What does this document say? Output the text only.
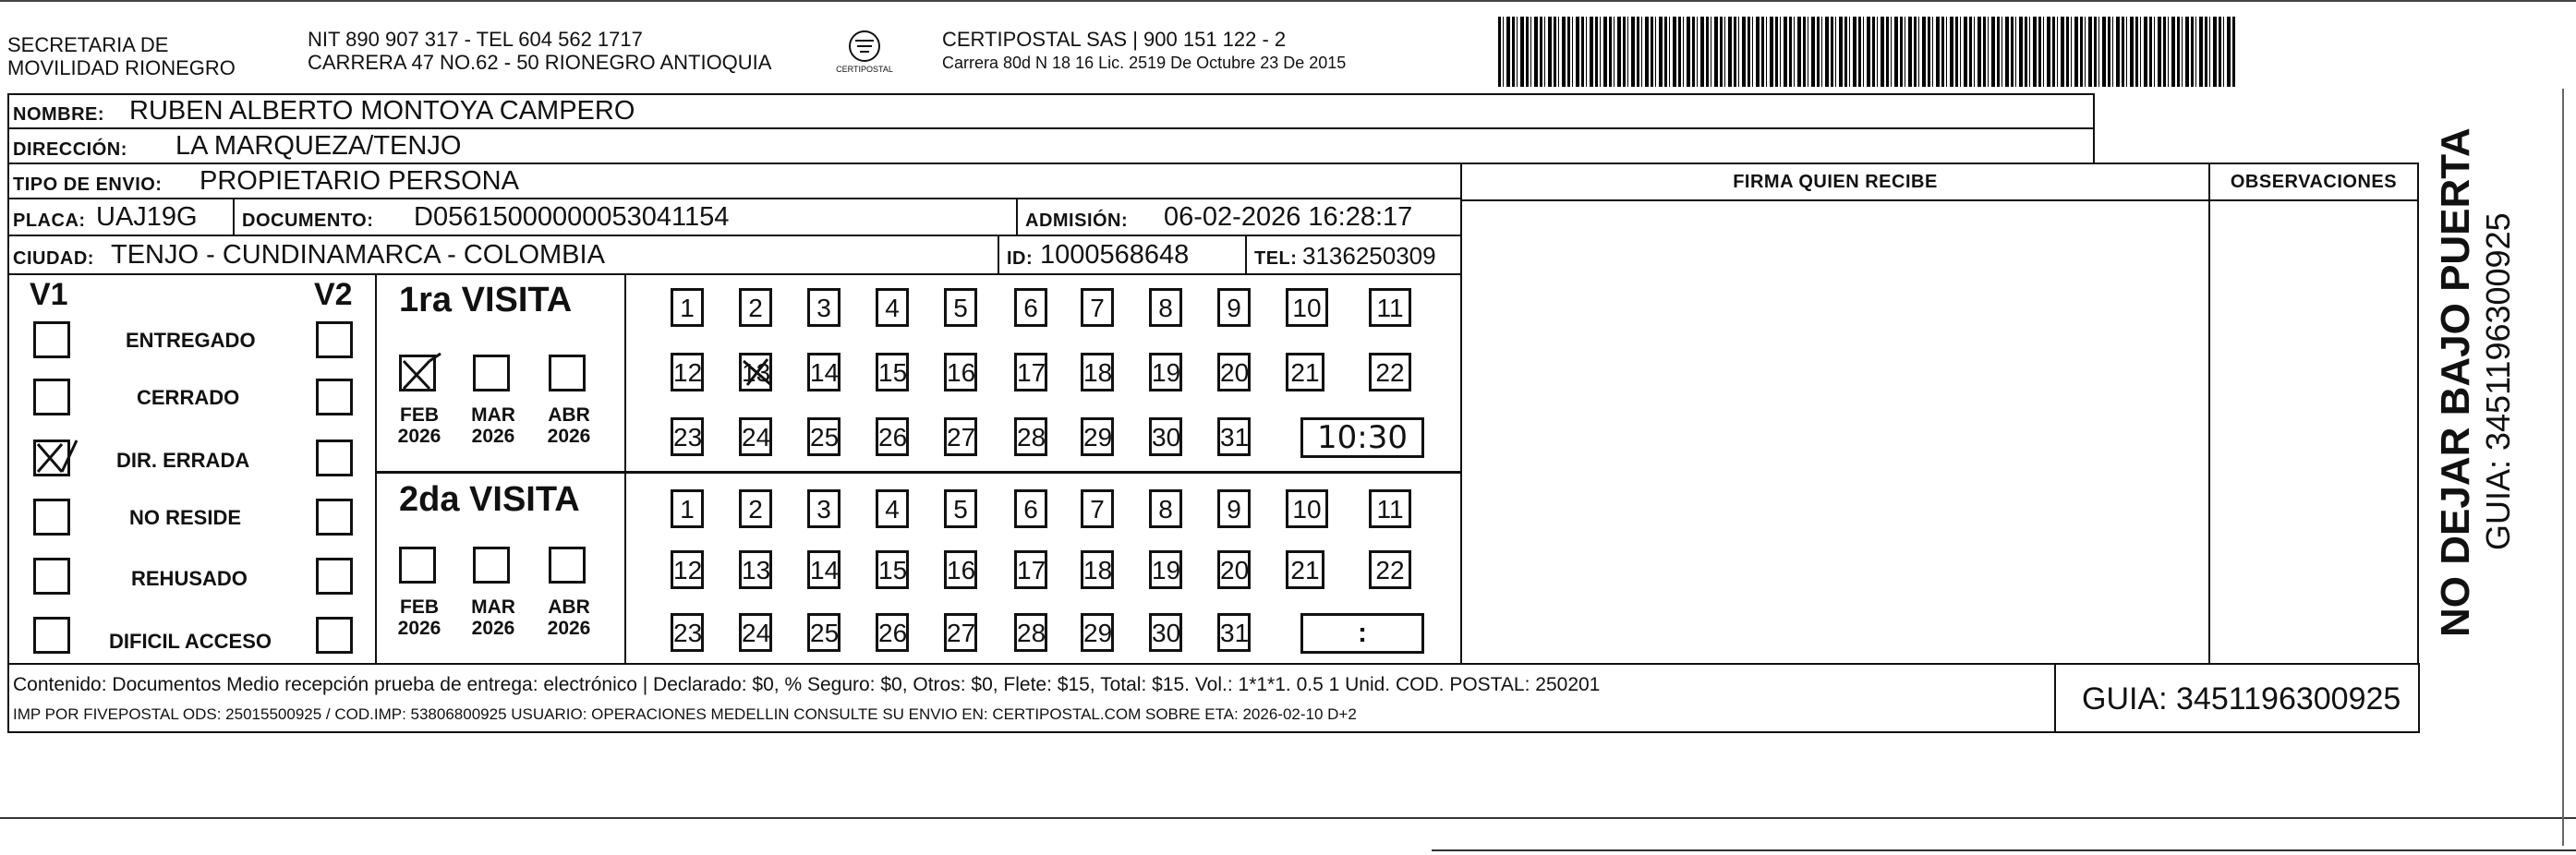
SECRETARIA DE
MOVILIDAD RIONEGRO
NIT 890 907 317 - TEL 604 562 1717
CARRERA 47 NO.62 - 50 RIONEGRO ANTIOQUIA	CERTIPOSTAL
CERTIPOSTAL SAS | 900 151 122 - 2
Carrera 80d N 18 16 Lic. 2519 De Octubre 23 De 2015
NOMBRE: RUBEN ALBERTO MONTOYA CAMPERO
DIRECCIÓN: LA MARQUEZA/TENJO
TIPO DE ENVIO: PROPIETARIO PERSONA
PLACA: UAJ19G DOCUMENTO: D05615000000053041154	ADMISIÓN: 06-02-2026 16:28:17
CIUDAD: TENJO - CUNDINAMARCA - COLOMBIA	ID: 1000568648	TEL: 3136250309
FIRMA QUIEN RECIBE	OBSERVACIONES
V1	V2
ENTREGADO
CERRADO
DIR. ERRADA
NO RESIDE
REHUSADO
DIFICIL ACCESO
1ra VISITA
FEB
2026
MAR
2026
ABR
2026
2da VISITA
FEB
2026
MAR
2026
ABR
2026
1	2	3	4	5	6	7	8	9	10	11
12 13 14 15 16 17 18 19 20 21 22
23 24 25 26 27 28 29 30 31
1	2	3	4	5	6	7	8	9	10	11
12 13 14 15 16 17 18 19 20 21 22
23 24 25 26 27 28 29 30 31
10:30
:
Contenido: Documentos Medio recepción prueba de entrega: electrónico | Declarado: $0, % Seguro: $0, Otros: $0, Flete: $15, Total: $15. Vol.: 1*1*1. 0.5 1 Unid. COD. POSTAL: 250201
IMP POR FIVEPOSTAL ODS: 25015500925 / COD.IMP: 53806800925 USUARIO: OPERACIONES MEDELLIN CONSULTE SU ENVIO EN: CERTIPOSTAL.COM SOBRE ETA: 2026-02-10 D+2	GUIA: 3451196300925
NO DEJAR BAJO PUERTA GUIA: 3451196300925
